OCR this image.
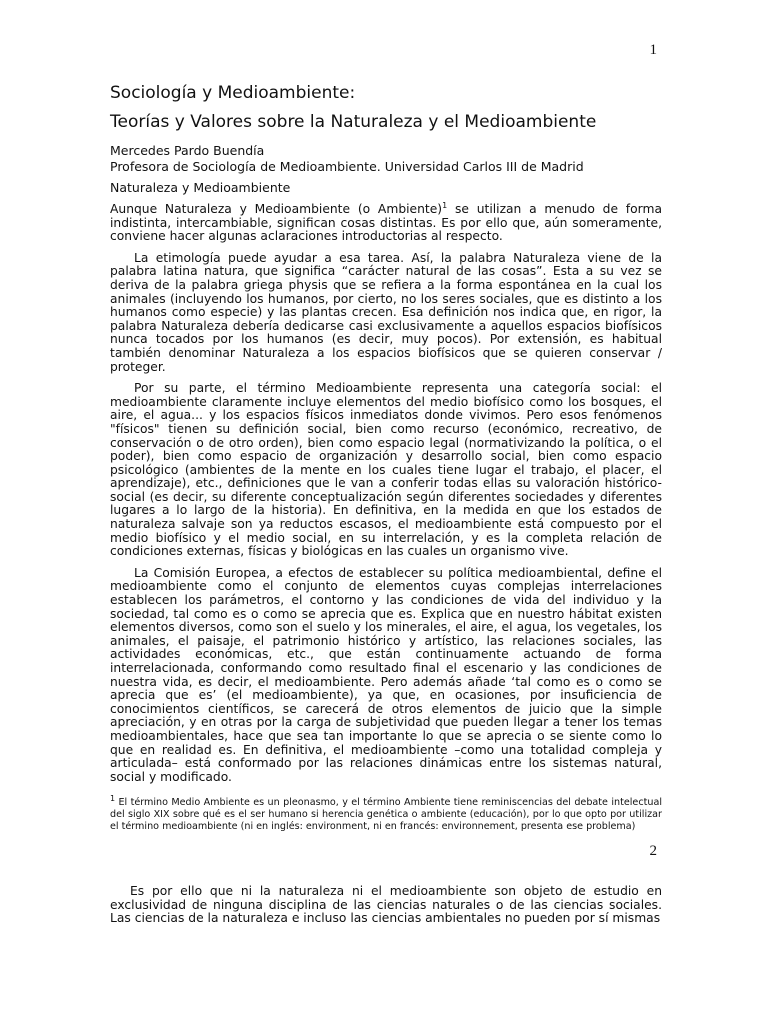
1
Sociología y Medioambiente:
Teorías y Valores sobre la Naturaleza y el Medioambiente
Mercedes Pardo Buendía
Profesora de Sociología de Medioambiente. Universidad Carlos III de Madrid
Naturaleza y Medioambiente

Aunque Naturaleza y Medioambiente (o Ambiente)$^1$ se utilizan a menudo de forma indistinta, intercambiable, significan cosas distintas. Es por ello que, aún someramente, conviene hacer algunas aclaraciones introductorias al respecto.

La etimología puede ayudar a esa tarea. Así, la palabra Naturaleza viene de la palabra latina natura, que significa “carácter natural de las cosas”. Esta a su vez se deriva de la palabra griega physis que se refiera a la forma espontánea en la cual los animales (incluyendo los humanos, por cierto, no los seres sociales, que es distinto a los humanos como especie) y las plantas crecen. Esa definición nos indica que, en rigor, la palabra Naturaleza debería dedicarse casi exclusivamente a aquellos espacios biofísicos nunca tocados por los humanos (es decir, muy pocos). Por extensión, es habitual también denominar Naturaleza a los espacios biofísicos que se quieren conservar / proteger.

Por su parte, el término Medioambiente representa una categoría social: el medioambiente claramente incluye elementos del medio biofísico como los bosques, el aire, el agua... y los espacios físicos inmediatos donde vivimos. Pero esos fenómenos "físicos" tienen su definición social, bien como recurso (económico, recreativo, de conservación o de otro orden), bien como espacio legal (normativizando la política, o el poder), bien como espacio de organización y desarrollo social, bien como espacio psicológico (ambientes de la mente en los cuales tiene lugar el trabajo, el placer, el aprendizaje), etc., definiciones que le van a conferir todas ellas su valoración histórico-social (es decir, su diferente conceptualización según diferentes sociedades y diferentes lugares a lo largo de la historia). En definitiva, en la medida en que los estados de naturaleza salvaje son ya reductos escasos, el medioambiente está compuesto por el medio biofísico y el medio social, en su interrelación, y es la completa relación de condiciones externas, físicas y biológicas en las cuales un organismo vive.

La Comisión Europea, a efectos de establecer su política medioambiental, define el medioambiente como el conjunto de elementos cuyas complejas interrelaciones establecen los parámetros, el contorno y las condiciones de vida del individuo y la sociedad, tal como es o como se aprecia que es. Explica que en nuestro hábitat existen elementos diversos, como son el suelo y los minerales, el aire, el agua, los vegetales, los animales, el paisaje, el patrimonio histórico y artístico, las relaciones sociales, las actividades económicas, etc., que están continuamente actuando de forma interrelacionada, conformando como resultado final el escenario y las condiciones de nuestra vida, es decir, el medioambiente. Pero además añade ‘tal como es o como se aprecia que es’ (el medioambiente), ya que, en ocasiones, por insuficiencia de conocimientos científicos, se carecerá de otros elementos de juicio que la simple apreciación, y en otras por la carga de subjetividad que pueden llegar a tener los temas medioambientales, hace que sea tan importante lo que se aprecia o se siente como lo que en realidad es. En definitiva, el medioambiente –como una totalidad compleja y articulada– está conformado por las relaciones dinámicas entre los sistemas natural, social y modificado.

$^1$ El término Medio Ambiente es un pleonasmo, y el término Ambiente tiene reminiscencias del debate intelectual del siglo XIX sobre qué es el ser humano si herencia genética o ambiente (educación), por lo que opto por utilizar el término medioambiente (ni en inglés: environment, ni en francés: environnement, presenta ese problema)
2

Es por ello que ni la naturaleza ni el medioambiente son objeto de estudio en exclusividad de ninguna disciplina de las ciencias naturales o de las ciencias sociales. Las ciencias de la naturaleza e incluso las ciencias ambientales no pueden por sí mismas
